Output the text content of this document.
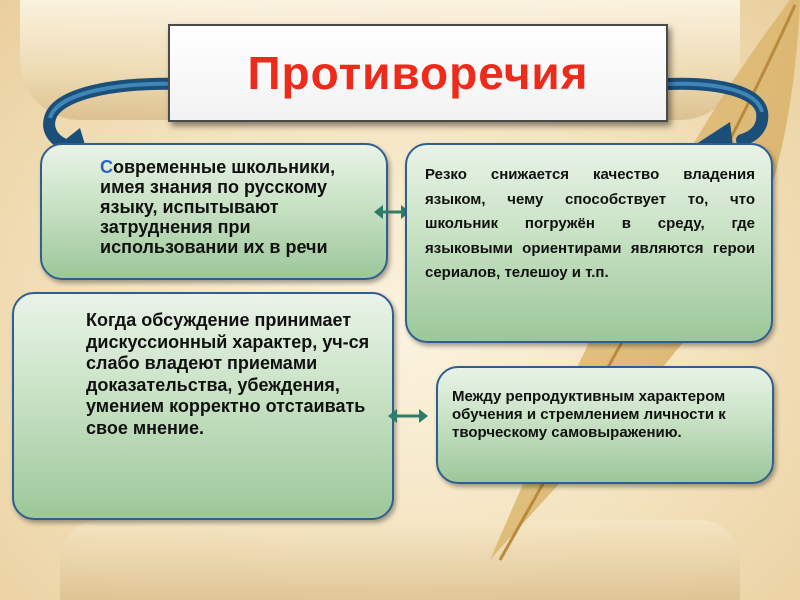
Противоречия
Современные школьники, имея знания по русскому языку, испытывают затруднения при использовании их в речи
Резко снижается качество владения языком, чему способствует то, что школьник погружён в среду, где языковыми ориентирами являются герои сериалов, телешоу и т.п.
Когда обсуждение принимает дискуссионный характер, уч-ся слабо владеют приемами доказательства, убеждения, умением корректно отстаивать свое мнение.
Между репродуктивным характером обучения и стремлением личности к творческому самовыражению.
